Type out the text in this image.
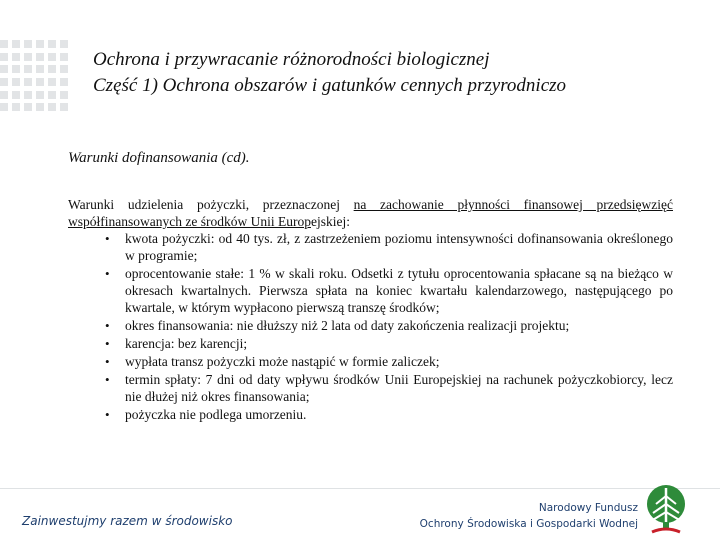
Ochrona i przywracanie różnorodności biologicznej
Część 1) Ochrona obszarów i gatunków cennych przyrodniczo
Warunki dofinansowania (cd).

Warunki udzielenia pożyczki, przeznaczonej na zachowanie płynności finansowej przedsięwzięć współfinansowanych ze środków Unii Europejskiej:

• kwota pożyczki: od 40 tys. zł, z zastrzeżeniem poziomu intensywności dofinansowania określonego w programie;
• oprocentowanie stałe: 1 % w skali roku. Odsetki z tytułu oprocentowania spłacane są na bieżąco w okresach kwartalnych. Pierwsza spłata na koniec kwartału kalendarzowego, następującego po kwartale, w którym wypłacono pierwszą transzę środków;
• okres finansowania: nie dłuższy niż 2 lata od daty zakończenia realizacji projektu;
• karencja: bez karencji;
• wypłata transz pożyczki może nastąpić w formie zaliczek;
• termin spłaty: 7 dni od daty wpływu środków Unii Europejskiej na rachunek pożyczkobiorcy, lecz nie dłużej niż okres finansowania;
• pożyczka nie podlega umorzeniu.
Zainwestujmy razem w środowisko
Narodowy Fundusz
Ochrony Środowiska i Gospodarki Wodnej
